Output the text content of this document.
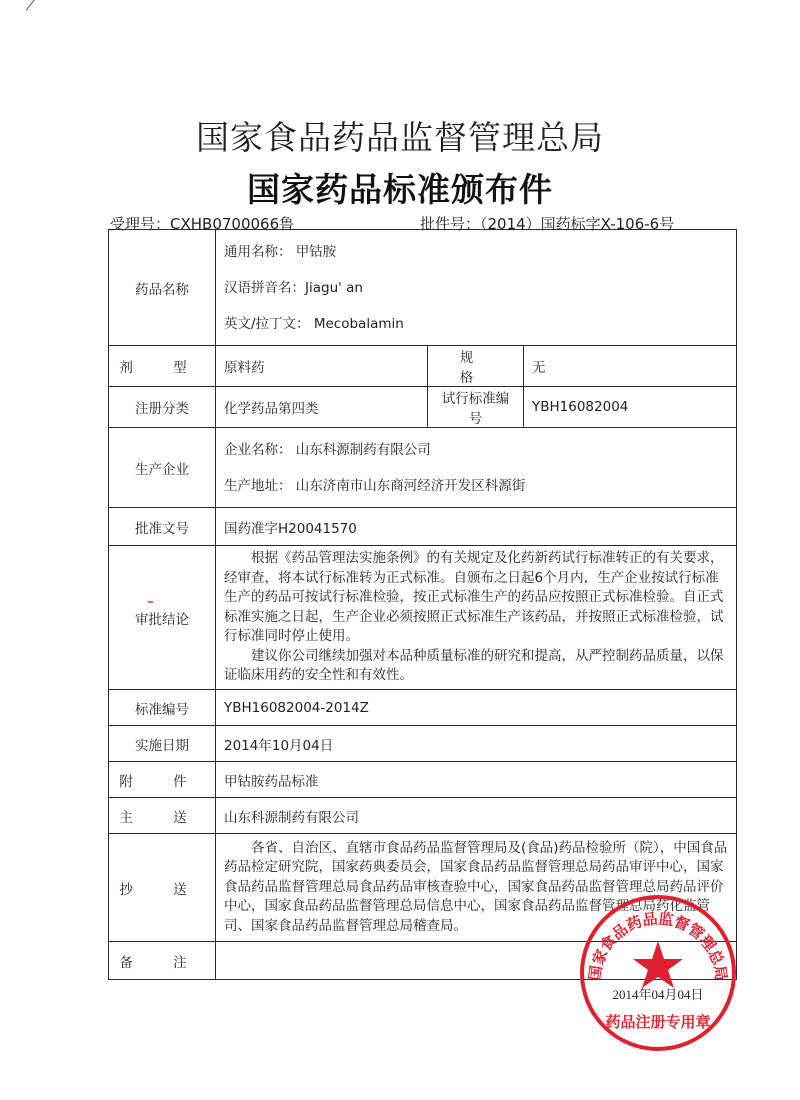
国家食品药品监督管理总局
国家药品标准颁布件
受理号：CXHB0700066鲁	批件号：（2014）国药标字X-106-6号
药品名称	通用名称： 甲钴胺
汉语拼音名：Jiagu' an
英文/拉丁文： Mecobalamin		

剂 型	原料药	规 格	无
注册分类	化学药品第四类	试行标准编号	YBH16082004
生产企业	企业名称： 山东科源制药有限公司
生产地址： 山东济南市山东商河经济开发区科源街		

批准文号	国药准字H20041570		
审批结论	根据《药品管理法实施条例》的有关规定及化药新药试行标准转正的有关要求，经审查，将本试行标准转为正式标准。自颁布之日起6个月内，生产企业按试行标准生产的药品可按试行标准检验，按正式标准生产的药品应按照正式标准检验。自正式标准实施之日起，生产企业必须按照正式标准生产该药品，并按照正式标准检验，试行标准同时停止使用。
建议你公司继续加强对本品种质量标准的研究和提高，从严控制药品质量，以保证临床用药的安全性和有效性。		

标准编号	YBH16082004-2014Z		
实施日期	2014年10月04日		
附 件	甲钴胺药品标准		
主 送	山东科源制药有限公司		
抄 送	各省、自治区、直辖市食品药品监督管理局及(食品)药品检验所（院），中国食品药品检定研究院，国家药典委员会，国家食品药品监督管理总局药品审评中心，国家食品药品监督管理总局食品药品审核查验中心，国家食品药品监督管理总局药品评价中心，国家食品药品监督管理总局信息中心，国家食品药品监督管理总局药化监管司、国家食品药品监督管理总局稽查局。		

备 注			
国家食品药品监督管理总局
2014年04月04日
药品注册专用章
